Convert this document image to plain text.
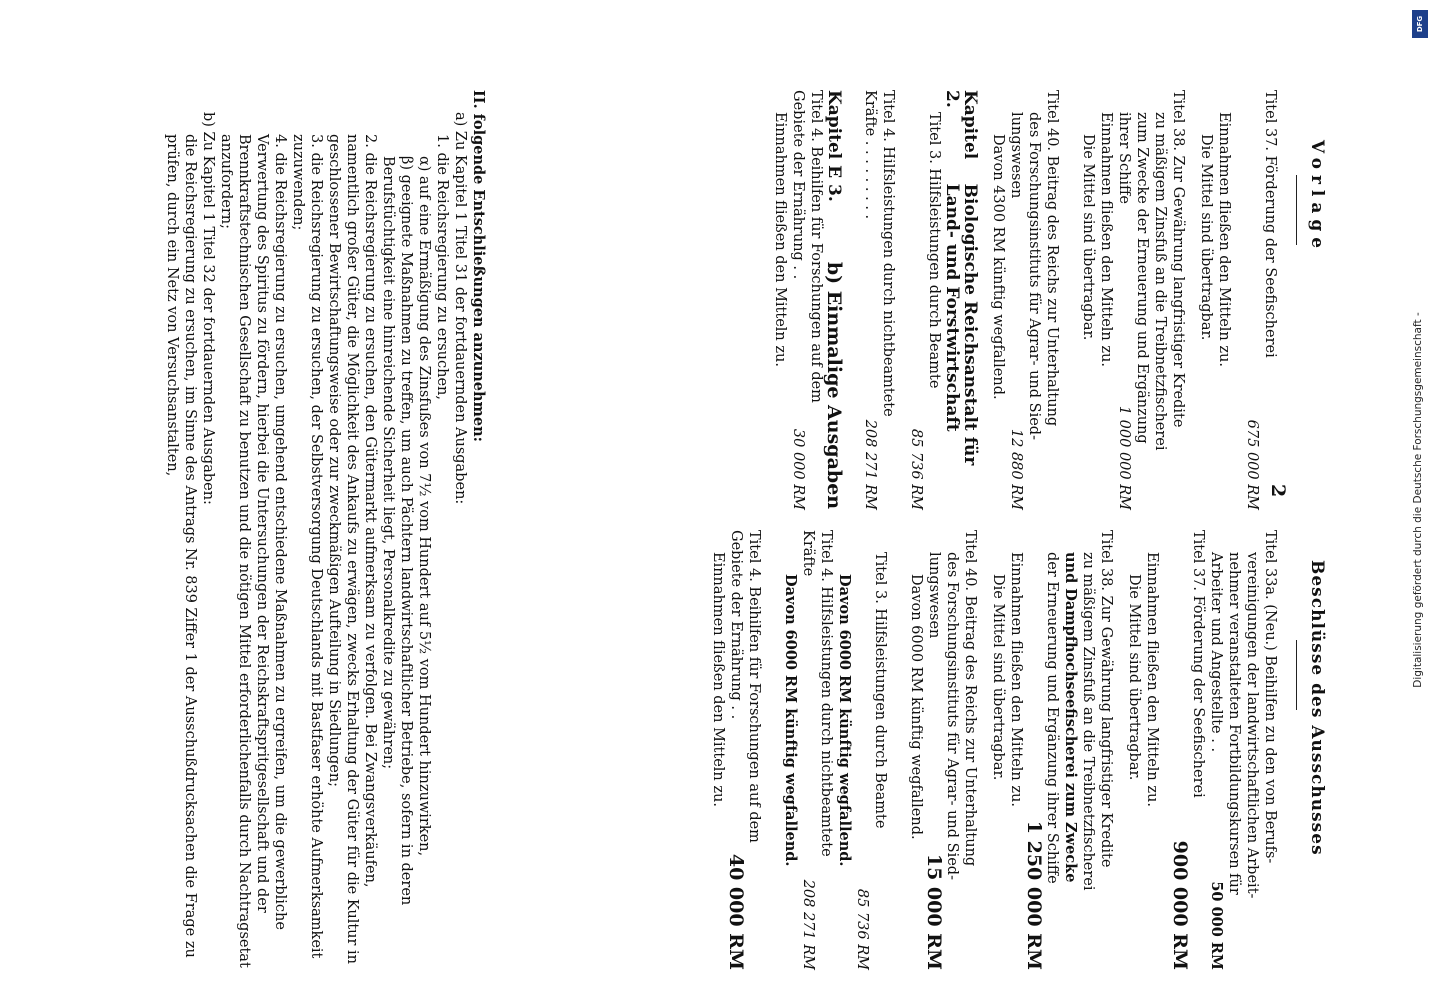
Vorlage
Beschlüsse des Ausschusses
Titel 37. Förderung der Seefischerei
675 000 RM
Einnahmen fließen den Mitteln zu.
Die Mittel sind übertragbar.
Titel 38. Zur Gewährung langfristiger Kredite
zu mäßigem Zinsfuß an die Treibnetzfischerei
zum Zwecke der Erneuerung und Ergänzung
ihrer Schiffe
1 000 000 RM
Einnahmen fließen den Mitteln zu.
Die Mittel sind übertragbar.
Titel 40. Beitrag des Reichs zur Unterhaltung
des Forschungsinstituts für Agrar- und Sied-
lungswesen
12 880 RM
Davon 4300 RM künftig wegfallend.
Kapitel 2.
Biologische Reichsanstalt für Land- und Forstwirtschaft
Titel 3. Hilfsleistungen durch Beamte
85 736 RM
Titel 4. Hilfsleistungen durch nichtbeamtete
Kräfte . . . . . . . . .
208 271 RM
Kapitel E 3.
b) Einmalige Ausgaben
Titel 4. Beihilfen für Forschungen auf dem
Gebiete der Ernährung . .
30 000 RM
Einnahmen fließen den Mitteln zu.
Titel 33a. (Neu.) Beihilfen zu den von Berufs-
vereinigungen der landwirtschaftlichen Arbeit-
nehmer veranstalteten Fortbildungskursen für
Arbeiter und Angestellte . .
50 000 RM
Titel 37. Förderung der Seefischerei
900 000 RM
Einnahmen fließen den Mitteln zu.
Die Mittel sind übertragbar.
Titel 38. Zur Gewährung langfristiger Kredite
zu mäßigem Zinsfuß an die Treibnetzfischerei
und Dampfhochseefischerei zum Zwecke
der Erneuerung und Ergänzung ihrer Schiffe
1 250 000 RM
Einnahmen fließen den Mitteln zu.
Die Mittel sind übertragbar.
Titel 40. Beitrag des Reichs zur Unterhaltung
des Forschungsinstituts für Agrar- und Sied-
lungswesen
15 000 RM
Davon 6000 RM künftig wegfallend.
Titel 3. Hilfsleistungen durch Beamte
85 736 RM
Davon 6000 RM künftig wegfallend.
Titel 4. Hilfsleistungen durch nichtbeamtete
Kräfte
208 271 RM
Davon 6000 RM künftig wegfallend.
Titel 4. Beihilfen für Forschungen auf dem
Gebiete der Ernährung . .
40 000 RM
Einnahmen fließen den Mitteln zu.
II. folgende Entschließungen anzunehmen:
a) Zu Kapitel 1 Titel 31 der fortdauernden Ausgaben:
1. die Reichsregierung zu ersuchen,
α) auf eine Ermäßigung des Zinsfußes von 7½ vom Hundert auf 5½ vom Hundert hinzuwirken,
β) geeignete Maßnahmen zu treffen, um auch Pächtern landwirtschaftlicher Betriebe, sofern in deren Berufstüchtigkeit eine hinreichende Sicherheit liegt, Personalkredite zu gewähren;
2. die Reichsregierung zu ersuchen, den Gütermarkt aufmerksam zu verfolgen. Bei Zwangsverkäufen, namentlich großer Güter, die Möglichkeit des Ankaufs zu erwägen, zwecks Erhaltung der Güter für die Kultur in geschlossener Bewirtschaftungsweise oder zur zweckmäßigen Aufteilung in Siedlungen;
3. die Reichsregierung zu ersuchen, der Selbstversorgung Deutschlands mit Bastfaser erhöhte Aufmerksamkeit zuzuwenden;
4. die Reichsregierung zu ersuchen, umgehend entschiedene Maßnahmen zu ergreifen, um die gewerbliche Verwertung des Spiritus zu fördern, hierbei die Untersuchungen der Reichskraftspritgesellschaft und der Brennkraftstechnischen Gesellschaft zu benutzen und die nötigen Mittel erforderlichenfalls durch Nachtragsetat anzufordern;
b) Zu Kapitel 1 Titel 32 der fortdauernden Ausgaben:
die Reichsregierung zu ersuchen, im Sinne des Antrags Nr. 839 Ziffer 1 der Ausschußdrucksachen die Frage zu prüfen, durch ein Netz von Versuchsanstalten,
2	Digitalisierung gefördert durch die Deutsche Forschungsgemeinschaft -
DFG
